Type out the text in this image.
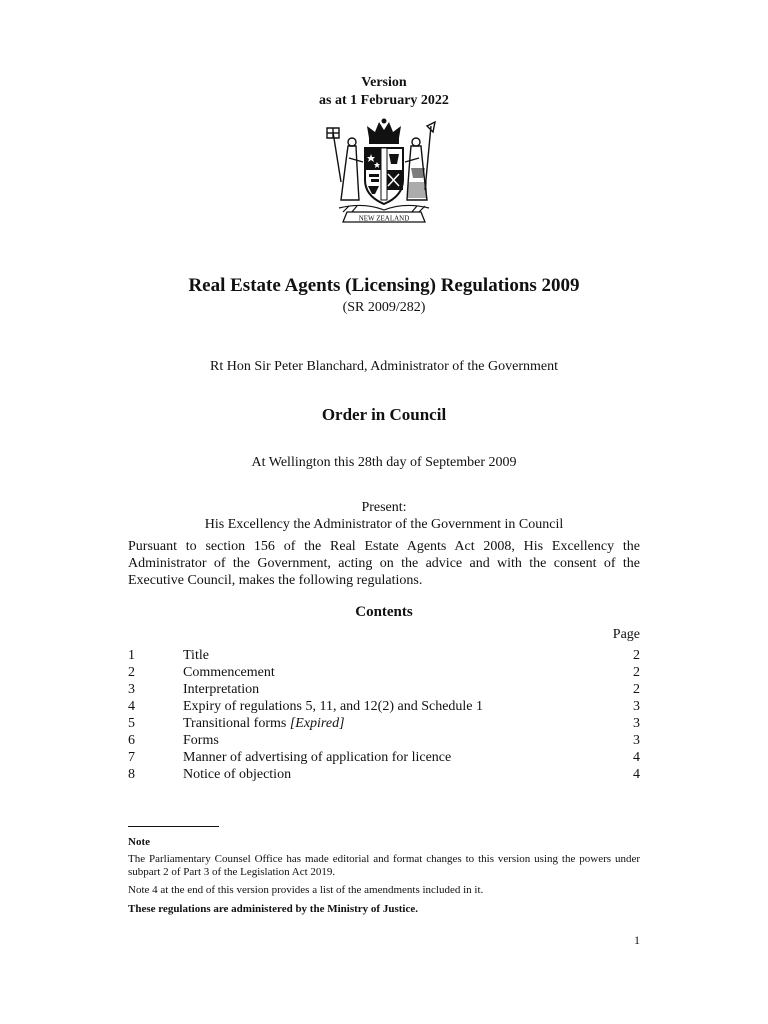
Version
as at 1 February 2022
NEW ZEALAND
Real Estate Agents (Licensing) Regulations 2009
(SR 2009/282)
Rt Hon Sir Peter Blanchard, Administrator of the Government
Order in Council
At Wellington this 28th day of September 2009
Present:
His Excellency the Administrator of the Government in Council

Pursuant to section 156 of the Real Estate Agents Act 2008, His Excellency the Administrator of the Government, acting on the advice and with the consent of the Executive Council, makes the following regulations.

Contents
Page
1	Title	2
2	Commencement	2
3	Interpretation	2
4	Expiry of regulations 5, 11, and 12(2) and Schedule 1	3
5	Transitional forms [Expired]	3
6	Forms	3
7	Manner of advertising of application for licence	4
8	Notice of objection	4
Note

The Parliamentary Counsel Office has made editorial and format changes to this version using the powers under subpart 2 of Part 3 of the Legislation Act 2019.

Note 4 at the end of this version provides a list of the amendments included in it.
These regulations are administered by the Ministry of Justice.
1
